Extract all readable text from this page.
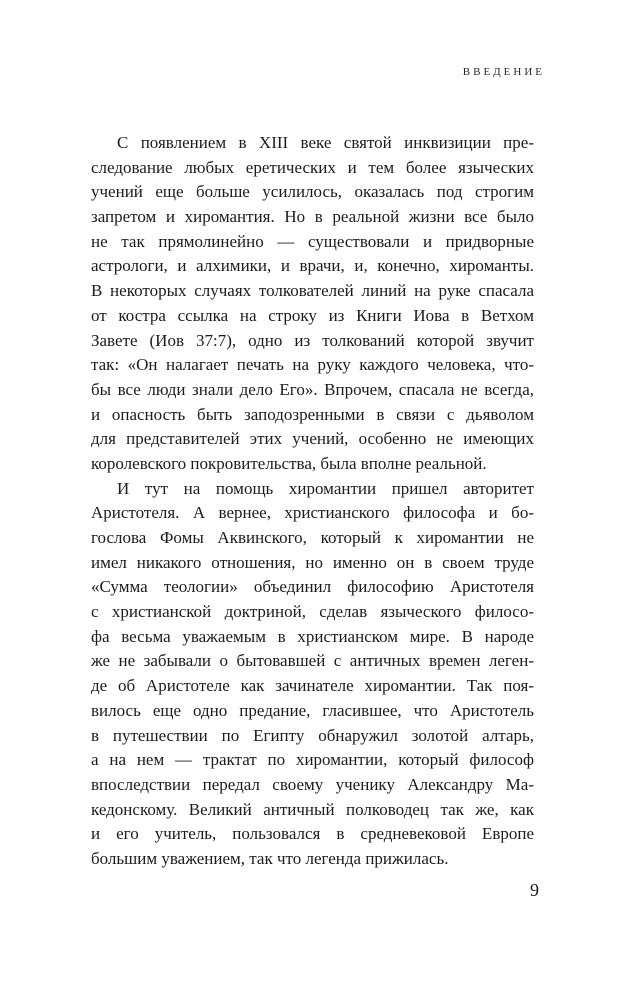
ВВЕДЕНИЕ
С появлением в XIII веке святой инквизиции пре-
следование любых еретических и тем более языческих
учений еще больше усилилось, оказалась под строгим
запретом и хиромантия. Но в реальной жизни все было
не так прямолинейно — существовали и придворные
астрологи, и алхимики, и врачи, и, конечно, хироманты.
В некоторых случаях толкователей линий на руке спасала
от костра ссылка на строку из Книги Иова в Ветхом
Завете (Иов 37:7), одно из толкований которой звучит
так: «Он налагает печать на руку каждого человека, что-
бы все люди знали дело Его». Впрочем, спасала не всегда,
и опасность быть заподозренными в связи с дьяволом
для представителей этих учений, особенно не имеющих
королевского покровительства, была вполне реальной.
И тут на помощь хиромантии пришел авторитет
Аристотеля. А вернее, христианского философа и бо-
гослова Фомы Аквинского, который к хиромантии не
имел никакого отношения, но именно он в своем труде
«Сумма теологии» объединил философию Аристотеля
с христианской доктриной, сделав языческого филосо-
фа весьма уважаемым в христианском мире. В народе
же не забывали о бытовавшей с античных времен леген-
де об Аристотеле как зачинателе хиромантии. Так поя-
вилось еще одно предание, гласившее, что Аристотель
в путешествии по Египту обнаружил золотой алтарь,
а на нем — трактат по хиромантии, который философ
впоследствии передал своему ученику Александру Ма-
кедонскому. Великий античный полководец так же, как
и его учитель, пользовался в средневековой Европе
большим уважением, так что легенда прижилась.
9
